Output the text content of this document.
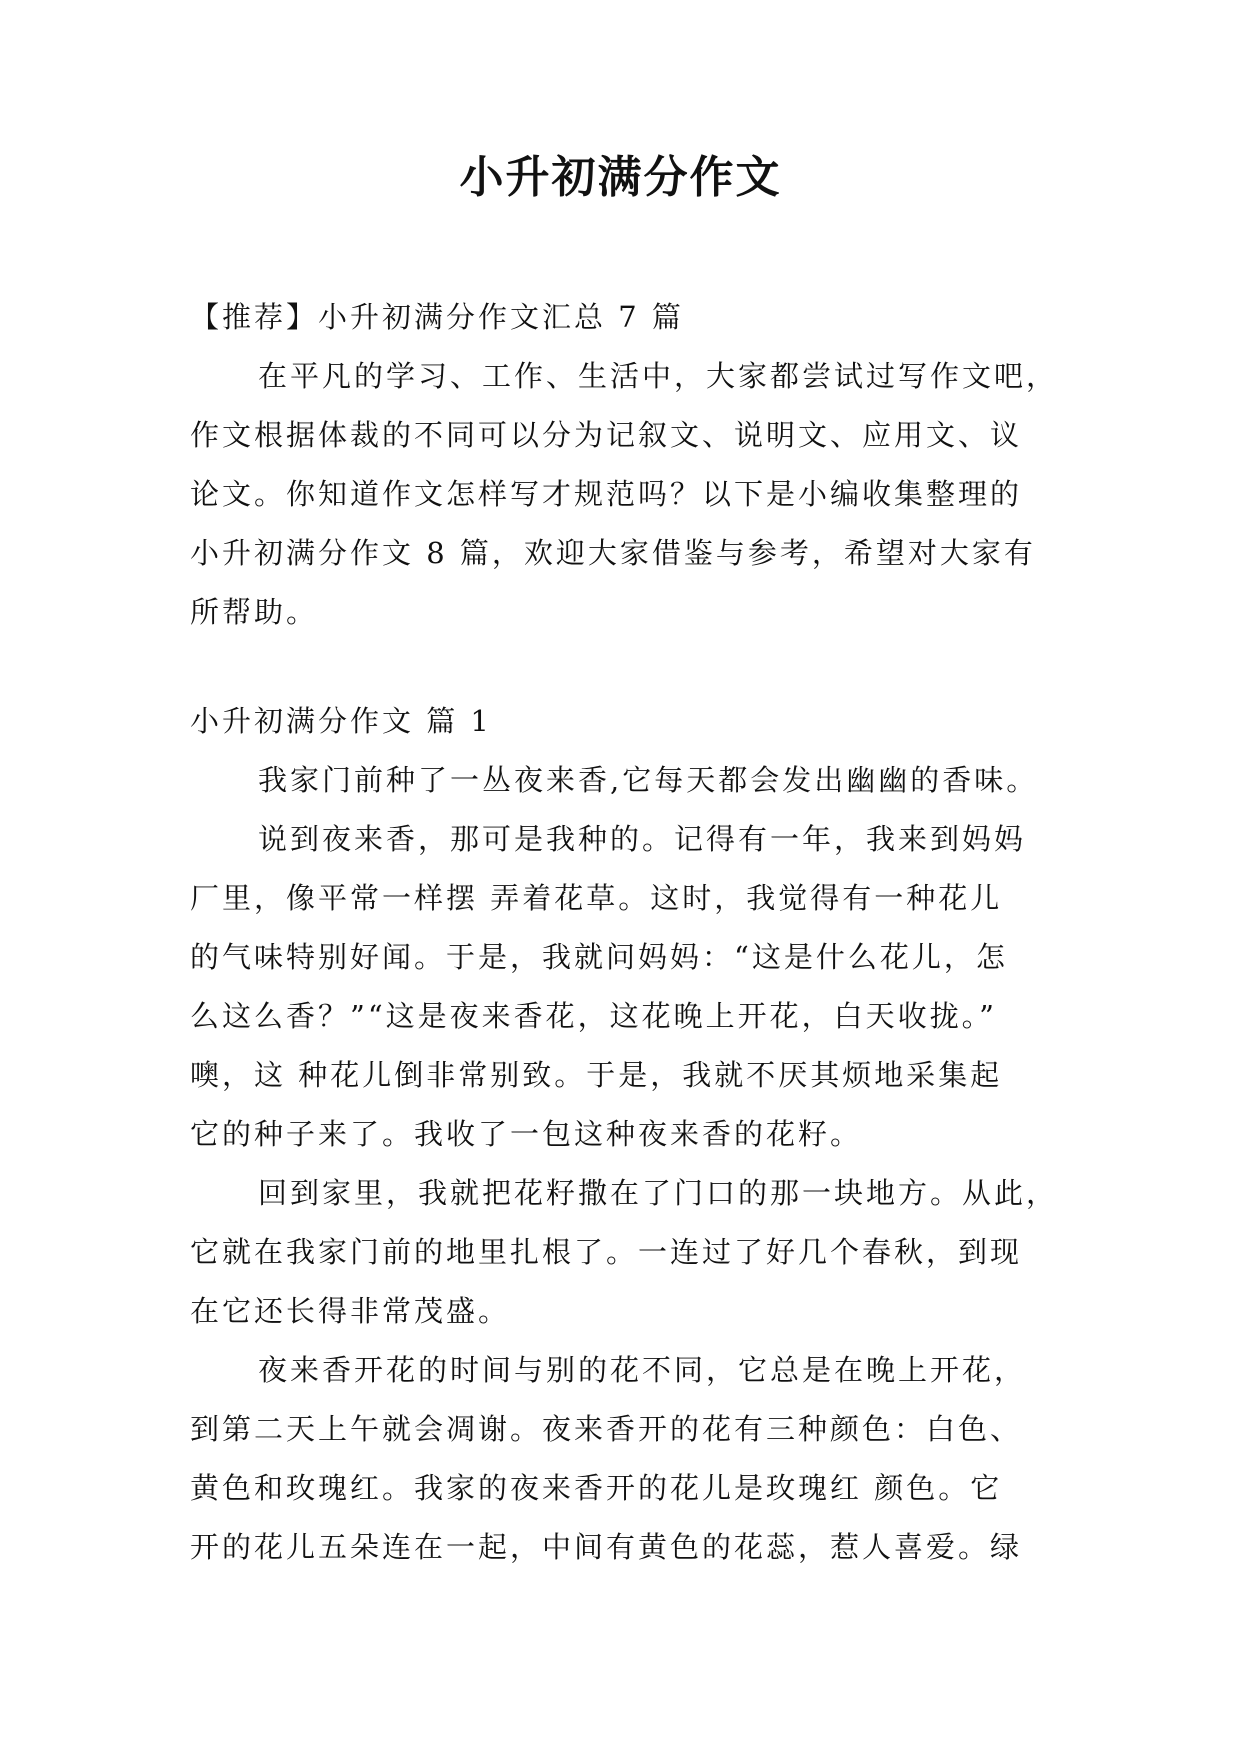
小升初满分作文

【推荐】小升初满分作文汇总 7 篇

在平凡的学习、工作、生活中，大家都尝试过写作文吧，

作文根据体裁的不同可以分为记叙文、说明文、应用文、议

论文。你知道作文怎样写才规范吗？以下是小编收集整理的

小升初满分作文 8 篇，欢迎大家借鉴与参考，希望对大家有

所帮助。

小升初满分作文 篇 1

我家门前种了一丛夜来香,它每天都会发出幽幽的香味。

说到夜来香，那可是我种的。记得有一年，我来到妈妈

厂里，像平常一样摆 弄着花草。这时，我觉得有一种花儿

的气味特别好闻。于是，我就问妈妈：“这是什么花儿，怎

么这么香？”“这是夜来香花，这花晚上开花，白天收拢。”

噢，这 种花儿倒非常别致。于是，我就不厌其烦地采集起

它的种子来了。我收了一包这种夜来香的花籽。

回到家里，我就把花籽撒在了门口的那一块地方。从此，

它就在我家门前的地里扎根了。一连过了好几个春秋，到现

在它还长得非常茂盛。

夜来香开花的时间与别的花不同，它总是在晚上开花，

到第二天上午就会凋谢。夜来香开的花有三种颜色：白色、

黄色和玫瑰红。我家的夜来香开的花儿是玫瑰红 颜色。它

开的花儿五朵连在一起，中间有黄色的花蕊，惹人喜爱。绿
